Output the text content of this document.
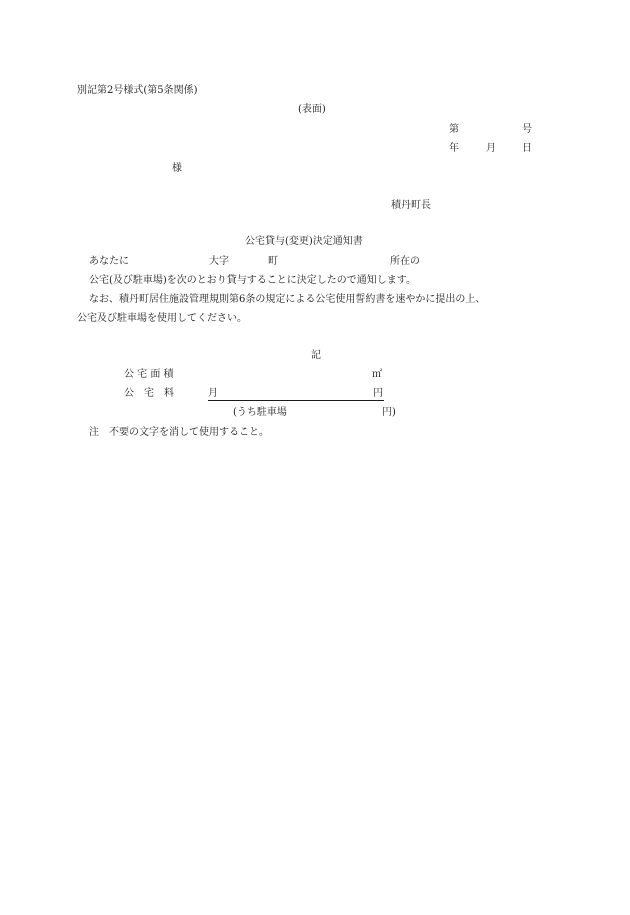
別記第2号様式(第5条関係)
(表面)
第	号
年	月	日
様
積丹町長
公宅貸与(変更)決定通知書
あなたに	大字	町	所在の
公宅(及び駐車場)を次のとおり貸与することに決定したので通知します。
なお、積丹町居住施設管理規則第6条の規定による公宅使用誓約書を速やかに提出の上、
公宅及び駐車場を使用してください。
記
公 宅 面 積	㎡
公　宅　料	月	円
(うち駐車場	円)
注　不要の文字を消して使用すること。
